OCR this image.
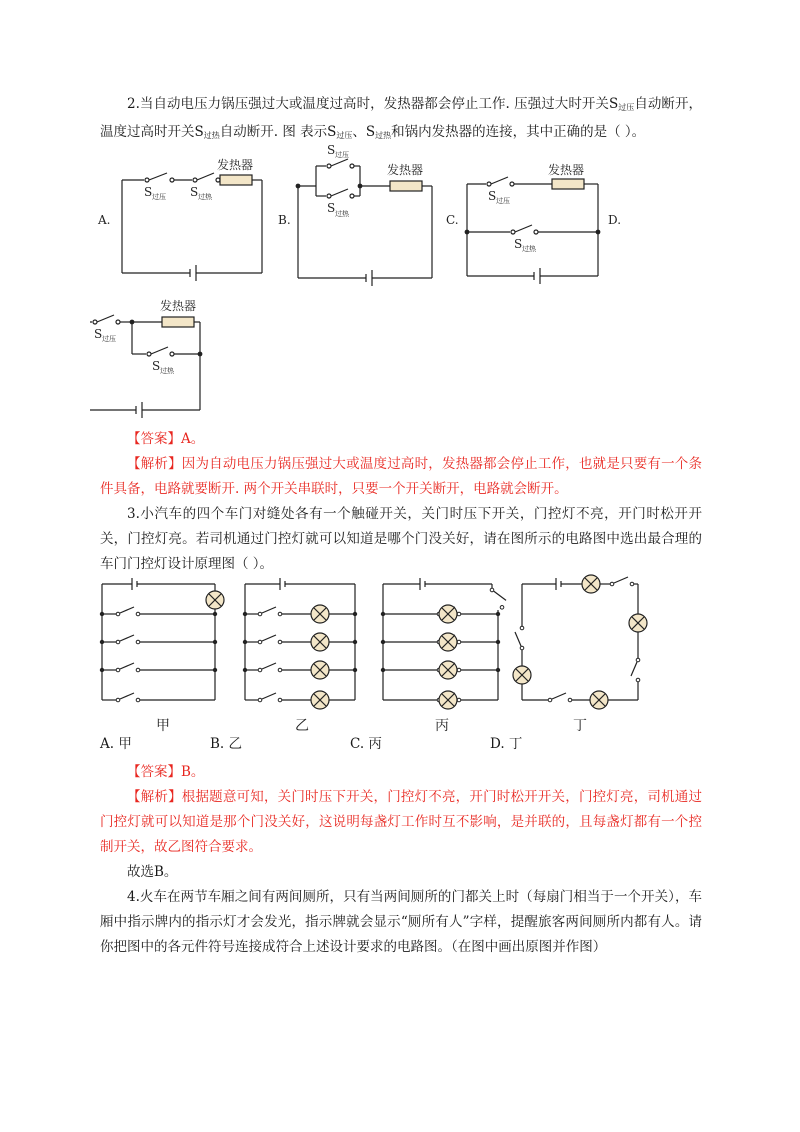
2.当自动电压力锅压强过大或温度过高时，发热器都会停止工作. 压强过大时开关$S_{过压}$自动断开，温度过高时开关$S_{过热}$自动断开. 图 表示$S_{过压}$、$S_{过热}$和锅内发热器的连接，其中正确的是（ ）。

A.	B.	C.	D.
发热器
S 过压 S 过热
S 过压
S 过热
发热器
S 过压
S 过热
发热器
发热器
S 过压
S 过热

【答案】A。

【解析】因为自动电压力锅压强过大或温度过高时，发热器都会停止工作，也就是只要有一个条件具备，电路就要断开. 两个开关串联时，只要一个开关断开，电路就会断开。

3.小汽车的四个车门对缝处各有一个触碰开关，关门时压下开关，门控灯不亮，开门时松开开关，门控灯亮。若司机通过门控灯就可以知道是哪个门没关好，请在图所示的电路图中选出最合理的车门门控灯设计原理图（ ）。

甲	乙	丙	丁
A. 甲	B. 乙	C. 丙	D. 丁

【答案】B。

【解析】根据题意可知，关门时压下开关，门控灯不亮，开门时松开开关，门控灯亮，司机通过门控灯就可以知道是那个门没关好，这说明每盏灯工作时互不影响，是并联的，且每盏灯都有一个控制开关，故乙图符合要求。

故选B。

4.火车在两节车厢之间有两间厕所，只有当两间厕所的门都关上时（每扇门相当于一个开关），车厢中指示牌内的指示灯才会发光，指示牌就会显示“厕所有人”字样，提醒旅客两间厕所内都有人。请你把图中的各元件符号连接成符合上述设计要求的电路图。（在图中画出原图并作图）
